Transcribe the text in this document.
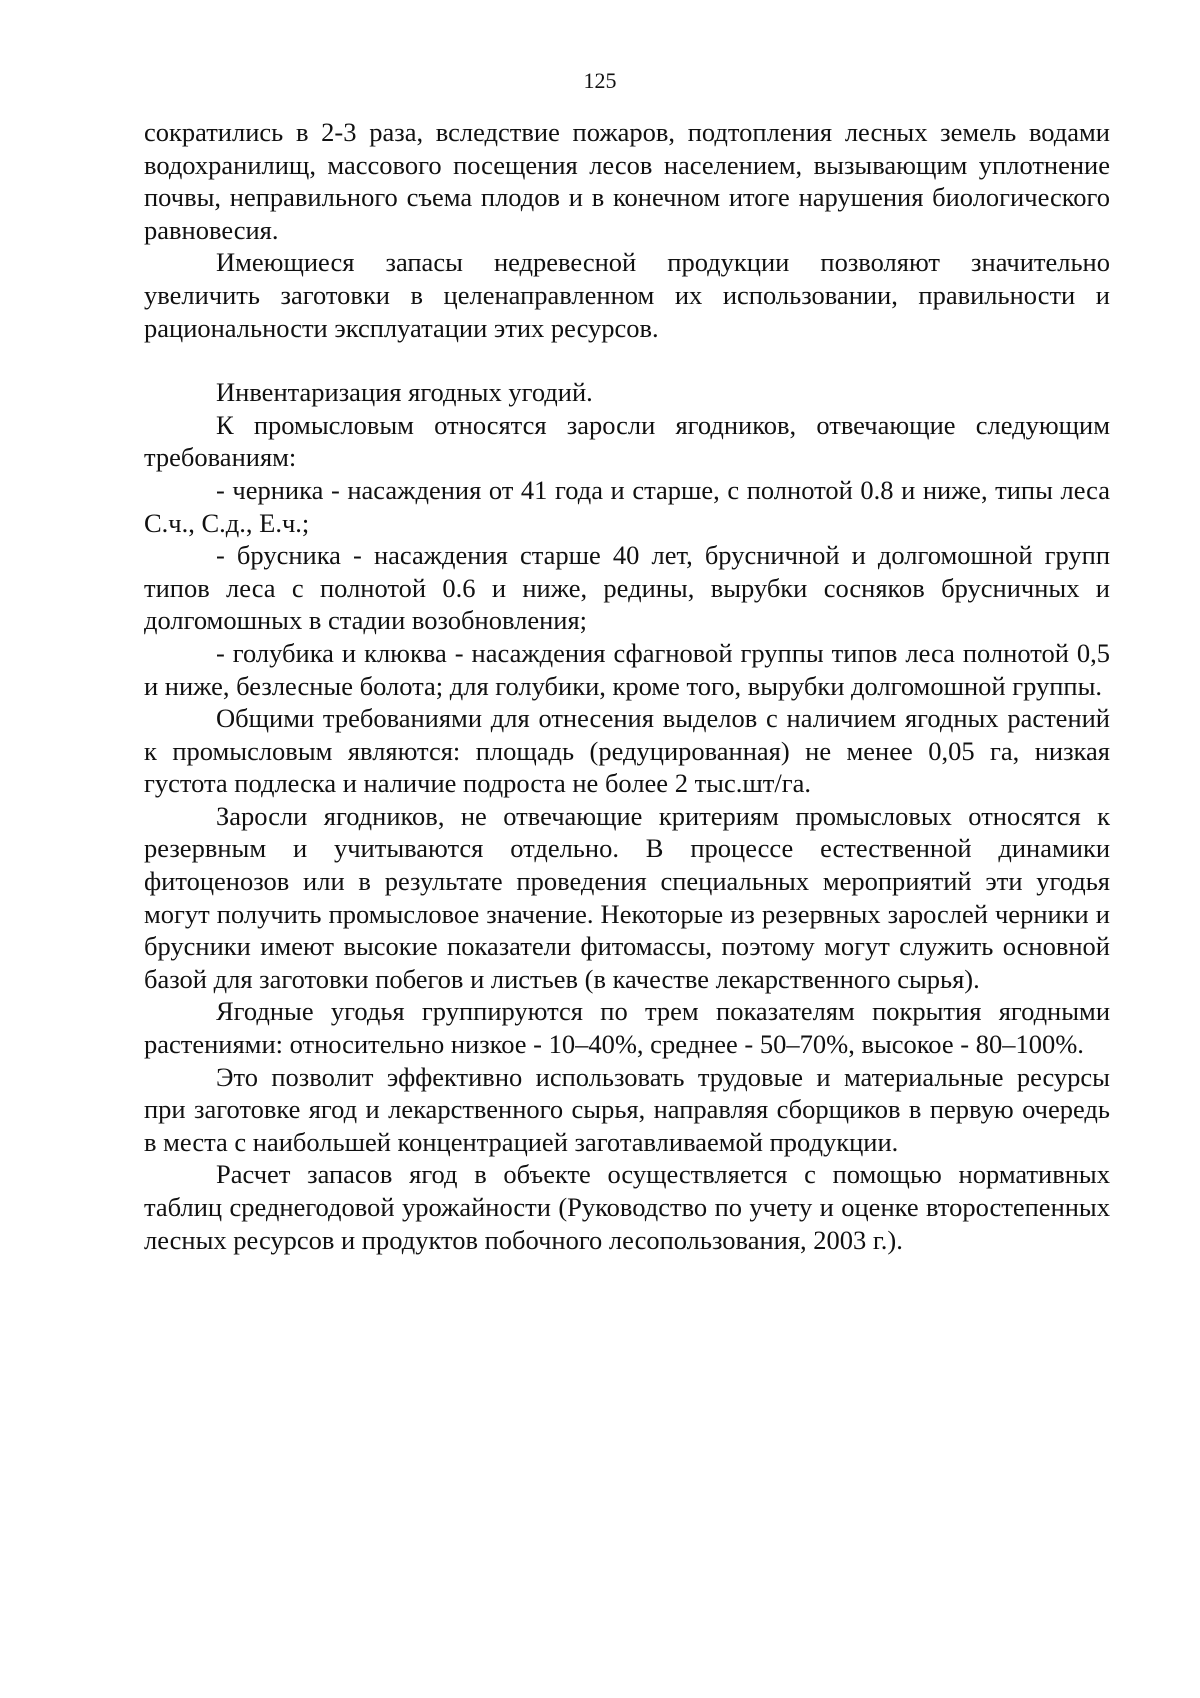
125

сократились в 2-3 раза, вследствие пожаров, подтопления лесных земель водами водохранилищ, массового посещения лесов населением, вызывающим уплотнение почвы, неправильного съема плодов и в конечном итоге нарушения биологического равновесия.

Имеющиеся запасы недревесной продукции позволяют значительно увеличить заготовки в целенаправленном их использовании, правильности и рациональности эксплуатации этих ресурсов.

Инвентаризация ягодных угодий.

К промысловым относятся заросли ягодников, отвечающие следующим требованиям:

- черника - насаждения от 41 года и старше, с полнотой 0.8 и ниже, типы леса С.ч., С.д., Е.ч.;

- брусника - насаждения старше 40 лет, брусничной и долгомошной групп типов леса с полнотой 0.6 и ниже, редины, вырубки сосняков брусничных и долгомошных в стадии возобновления;

- голубика и клюква - насаждения сфагновой группы типов леса полнотой 0,5 и ниже, безлесные болота; для голубики, кроме того, вырубки долгомошной группы.

Общими требованиями для отнесения выделов с наличием ягодных растений к промысловым являются: площадь (редуцированная) не менее 0,05 га, низкая густота подлеска и наличие подроста не более 2 тыс.шт/га.

Заросли ягодников, не отвечающие критериям промысловых относятся к резервным и учитываются отдельно. В процессе естественной динамики фитоценозов или в результате проведения специальных мероприятий эти угодья могут получить промысловое значение. Некоторые из резервных зарослей черники и брусники имеют высокие показатели фитомассы, поэтому могут служить основной базой для заготовки побегов и листьев (в качестве лекарственного сырья).

Ягодные угодья группируются по трем показателям покрытия ягодными растениями: относительно низкое - 10–40%, среднее - 50–70%, высокое - 80–100%.

Это позволит эффективно использовать трудовые и материальные ресурсы при заготовке ягод и лекарственного сырья, направляя сборщиков в первую очередь в места с наибольшей концентрацией заготавливаемой продукции.

Расчет запасов ягод в объекте осуществляется с помощью нормативных таблиц среднегодовой урожайности (Руководство по учету и оценке второстепенных лесных ресурсов и продуктов побочного лесопользования, 2003 г.).
